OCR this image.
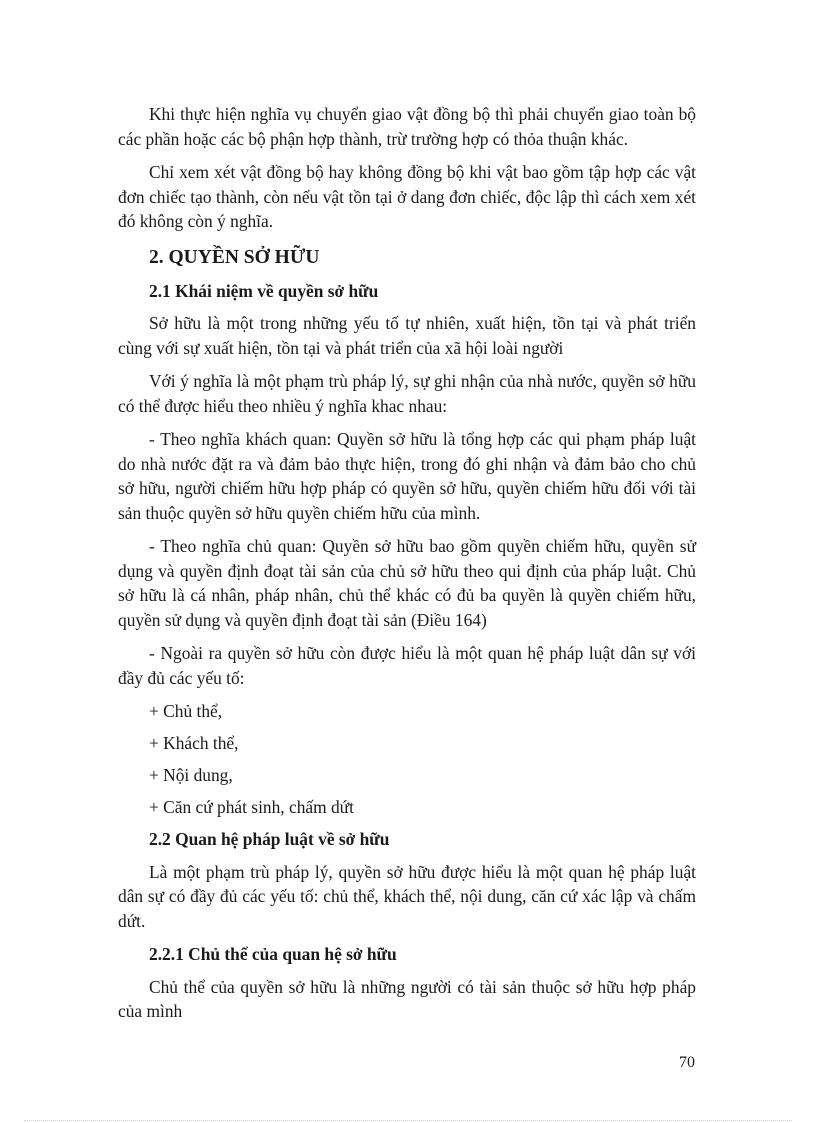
Khi thực hiện nghĩa vụ chuyển giao vật đồng bộ thì phải chuyển giao toàn bộ các phần hoặc các bộ phận hợp thành, trừ trường hợp có thỏa thuận khác.

Chỉ xem xét vật đồng bộ hay không đồng bộ khi vật bao gồm tập hợp các vật đơn chiếc tạo thành, còn nếu vật tồn tại ở dang đơn chiếc, độc lập thì cách xem xét đó không còn ý nghĩa.

2. QUYỀN SỞ HỮU
2.1 Khái niệm về quyền sở hữu

Sở hữu là một trong những yếu tố tự nhiên, xuất hiện, tồn tại và phát triển cùng với sự xuất hiện, tồn tại và phát triển của xã hội loài người

Với ý nghĩa là một phạm trù pháp lý, sự ghi nhận của nhà nước, quyền sở hữu có thể được hiểu theo nhiều ý nghĩa khac nhau:

- Theo nghĩa khách quan: Quyền sở hữu là tổng hợp các qui phạm pháp luật do nhà nước đặt ra và đảm bảo thực hiện, trong đó ghi nhận và đảm bảo cho chủ sở hữu, người chiếm hữu hợp pháp có quyền sở hữu, quyền chiếm hữu đối với tài sản thuộc quyền sở hữu quyền chiếm hữu của mình.

- Theo nghĩa chủ quan: Quyền sở hữu bao gồm quyền chiếm hữu, quyền sử dụng và quyền định đoạt tài sản của chủ sở hữu theo qui định của pháp luật. Chủ sở hữu là cá nhân, pháp nhân, chủ thể khác có đủ ba quyền là quyền chiếm hữu, quyền sử dụng và quyền định đoạt tài sản (Điều 164)

- Ngoài ra quyền sở hữu còn được hiểu là một quan hệ pháp luật dân sự với đầy đủ các yếu tố:

+ Chủ thể,
+ Khách thể,
+ Nội dung,
+ Căn cứ phát sinh, chấm dứt
2.2 Quan hệ pháp luật về sở hữu

Là một phạm trù pháp lý, quyền sở hữu được hiểu là một quan hệ pháp luật dân sự có đầy đủ các yếu tố: chủ thể, khách thể, nội dung, căn cứ xác lập và chấm dứt.

2.2.1 Chủ thể của quan hệ sở hữu

Chủ thể của quyền sở hữu là những người có tài sản thuộc sở hữu hợp pháp của mình

70
